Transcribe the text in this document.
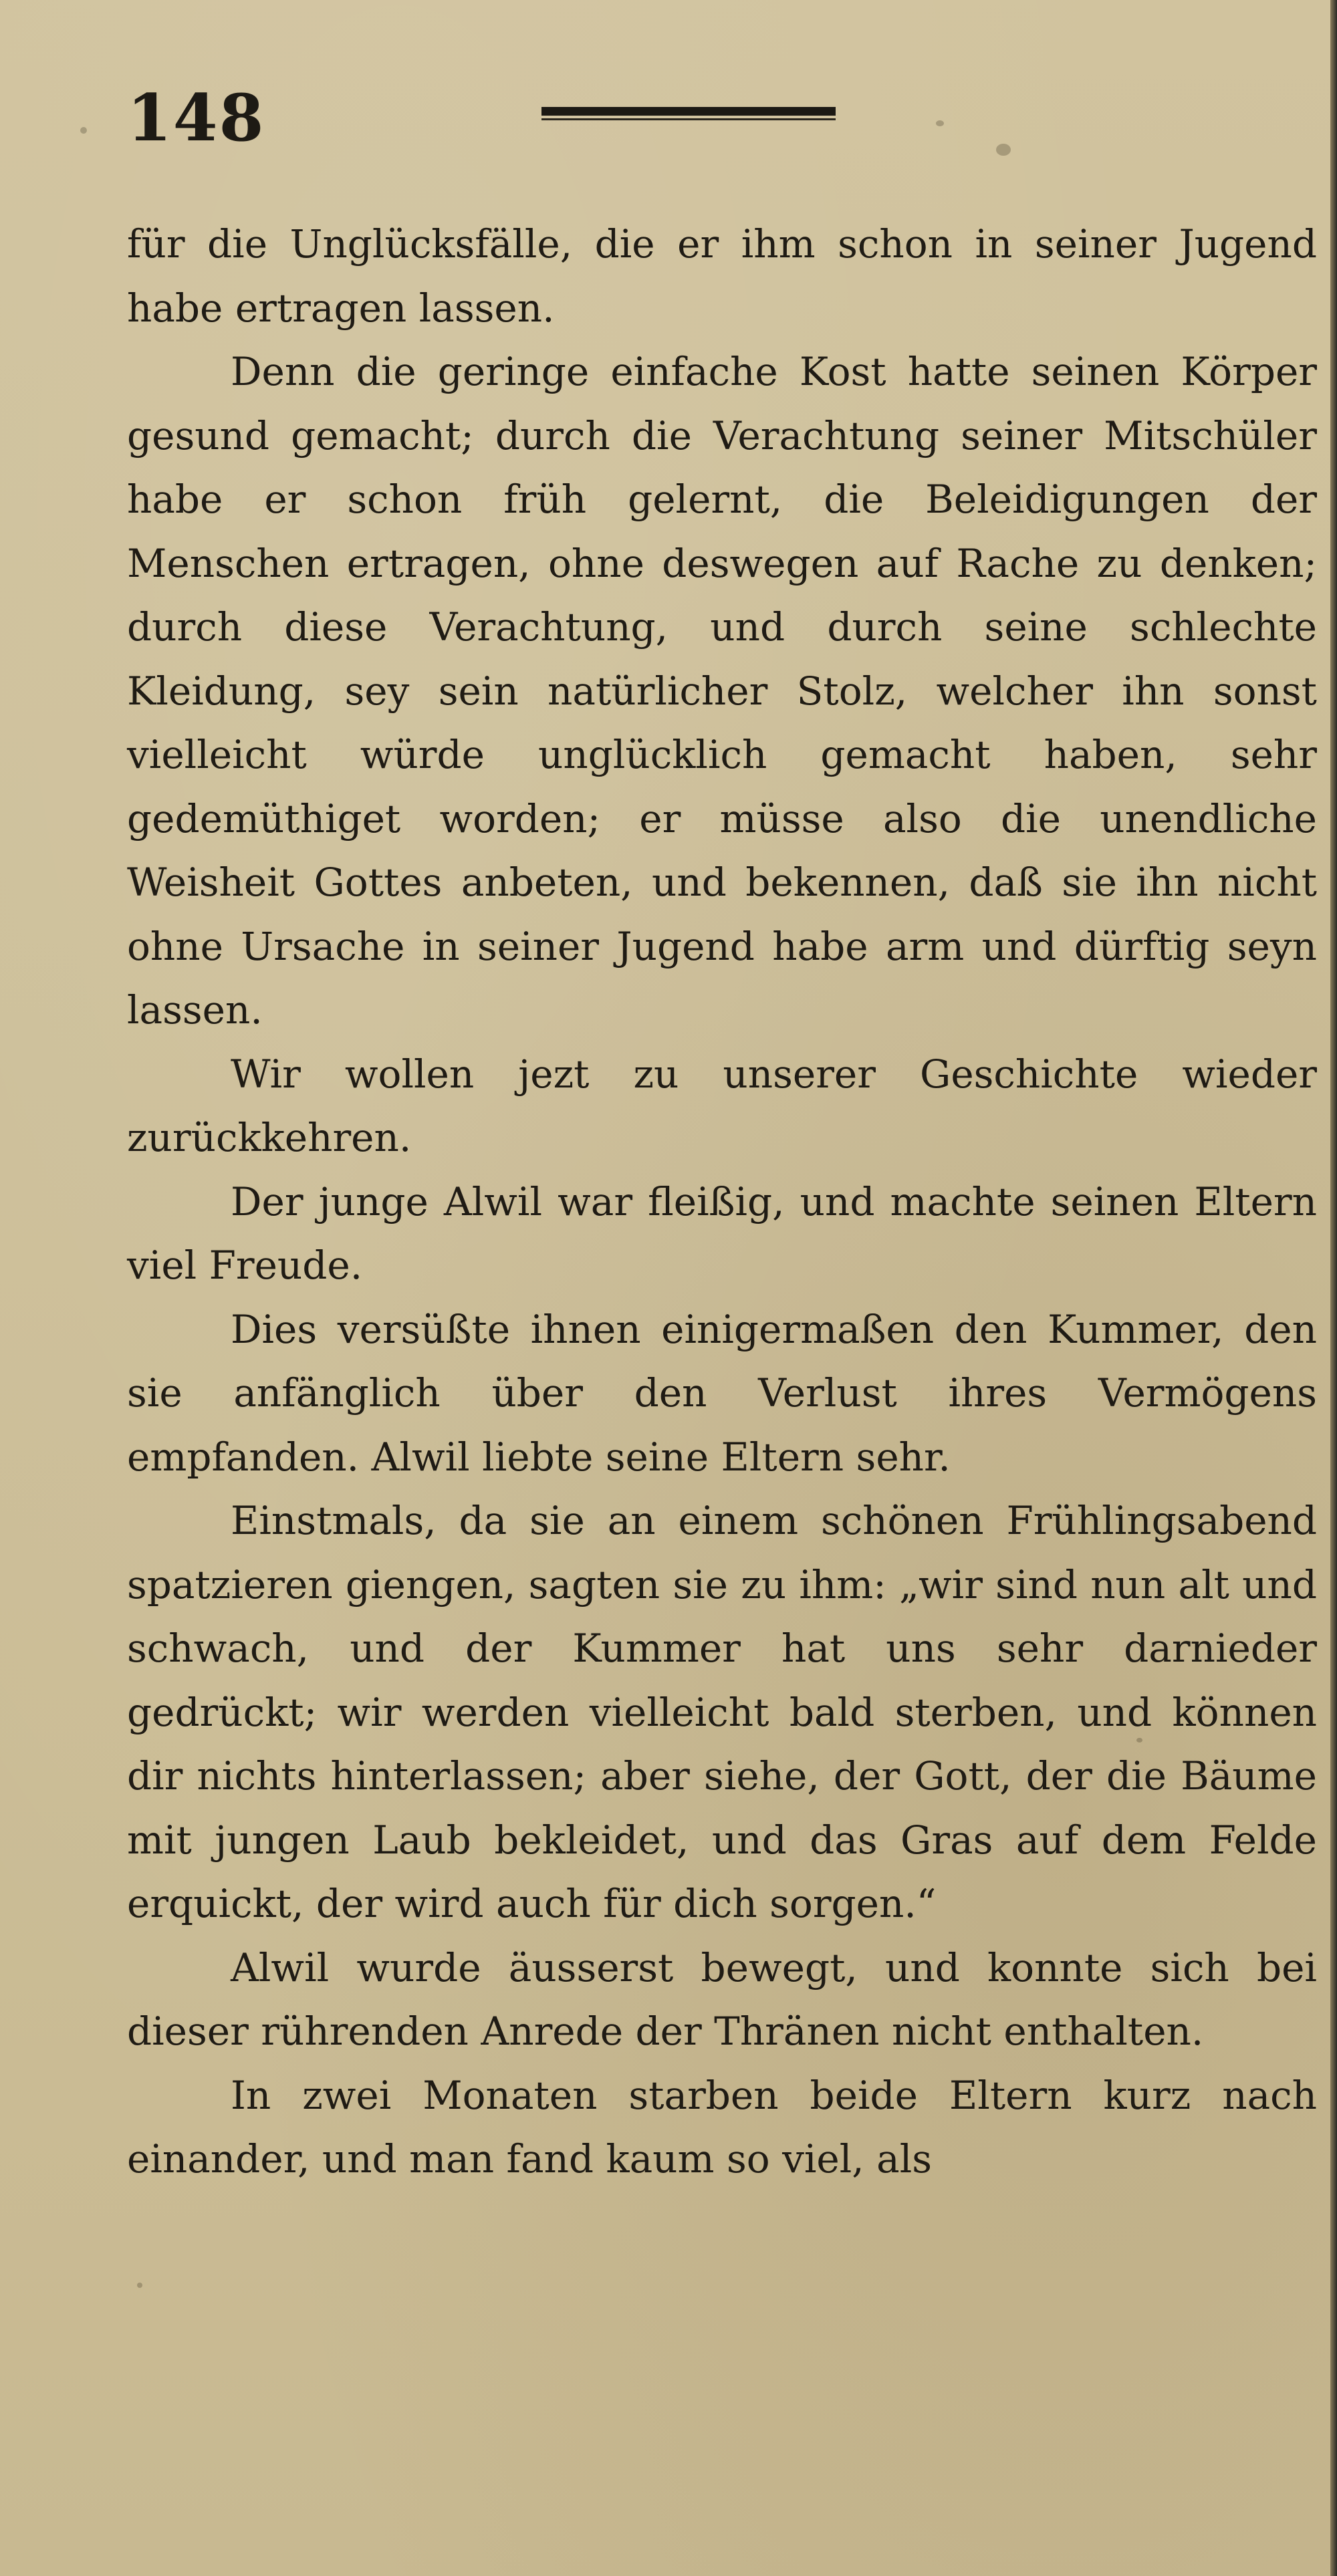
148

für die Unglücksfälle, die er ihm schon in seiner Jugend habe ertragen lassen.

Denn die geringe einfache Kost hatte seinen Körper gesund gemacht; durch die Verachtung seiner Mitschüler habe er schon früh gelernt, die Beleidigungen der Menschen ertragen, ohne deswegen auf Rache zu denken; durch diese Verachtung, und durch seine schlechte Kleidung, sey sein natürlicher Stolz, welcher ihn sonst vielleicht würde unglücklich gemacht haben, sehr gedemüthiget worden; er müsse also die unendliche Weisheit Gottes anbeten, und bekennen, daß sie ihn nicht ohne Ursache in seiner Jugend habe arm und dürftig seyn lassen.

Wir wollen jezt zu unserer Geschichte wieder zurückkehren.

Der junge Alwil war fleißig, und machte seinen Eltern viel Freude.

Dies versüßte ihnen einigermaßen den Kummer, den sie anfänglich über den Verlust ihres Vermögens empfanden. Alwil liebte seine Eltern sehr.

Einstmals, da sie an einem schönen Frühlingsabend spatzieren giengen, sagten sie zu ihm: „wir sind nun alt und schwach, und der Kummer hat uns sehr darnieder gedrückt; wir werden vielleicht bald sterben, und können dir nichts hinterlassen; aber siehe, der Gott, der die Bäume mit jungen Laub bekleidet, und das Gras auf dem Felde erquickt, der wird auch für dich sorgen.“

Alwil wurde äusserst bewegt, und konnte sich bei dieser rührenden Anrede der Thränen nicht enthalten.

In zwei Monaten starben beide Eltern kurz nach einander, und man fand kaum so viel, als
